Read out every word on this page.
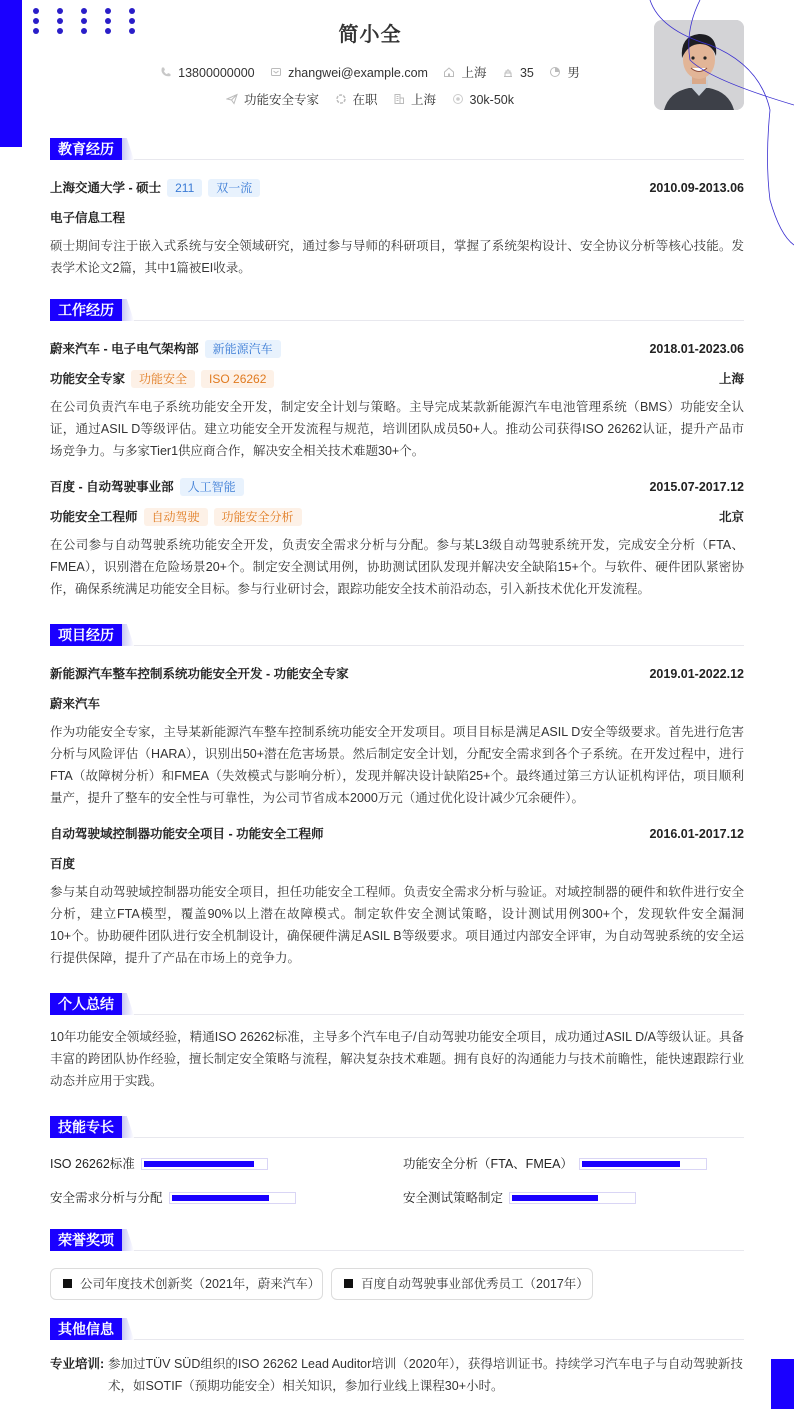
简小全
13800000000	zhangwei@example.com	上海	35	男
功能安全专家	在职	上海	30k-50k
教育经历
上海交通大学 - 硕士 211 双一流	2010.09-2013.06
电子信息工程
硕士期间专注于嵌入式系统与安全领域研究，通过参与导师的科研项目，掌握了系统架构设计、安全协议分析等核心技能。发表学术论文2篇，其中1篇被EI收录。
工作经历
蔚来汽车 - 电子电气架构部 新能源汽车	2018.01-2023.06
功能安全专家 功能安全 ISO 26262	上海
在公司负责汽车电子系统功能安全开发，制定安全计划与策略。主导完成某款新能源汽车电池管理系统（BMS）功能安全认证，通过ASIL D等级评估。建立功能安全开发流程与规范，培训团队成员50+人。推动公司获得ISO 26262认证，提升产品市场竞争力。与多家Tier1供应商合作，解决安全相关技术难题30+个。
百度 - 自动驾驶事业部 人工智能	2015.07-2017.12
功能安全工程师 自动驾驶 功能安全分析	北京
在公司参与自动驾驶系统功能安全开发，负责安全需求分析与分配。参与某L3级自动驾驶系统开发，完成安全分析（FTA、FMEA），识别潜在危险场景20+个。制定安全测试用例，协助测试团队发现并解决安全缺陷15+个。与软件、硬件团队紧密协作，确保系统满足功能安全目标。参与行业研讨会，跟踪功能安全技术前沿动态，引入新技术优化开发流程。
项目经历
新能源汽车整车控制系统功能安全开发 - 功能安全专家	2019.01-2022.12
蔚来汽车
作为功能安全专家，主导某新能源汽车整车控制系统功能安全开发项目。项目目标是满足ASIL D安全等级要求。首先进行危害分析与风险评估（HARA），识别出50+潜在危害场景。然后制定安全计划，分配安全需求到各个子系统。在开发过程中，进行FTA（故障树分析）和FMEA（失效模式与影响分析），发现并解决设计缺陷25+个。最终通过第三方认证机构评估，项目顺利量产，提升了整车的安全性与可靠性，为公司节省成本2000万元（通过优化设计减少冗余硬件）。
自动驾驶域控制器功能安全项目 - 功能安全工程师	2016.01-2017.12
百度
参与某自动驾驶域控制器功能安全项目，担任功能安全工程师。负责安全需求分析与验证。对域控制器的硬件和软件进行安全分析，建立FTA模型，覆盖90%以上潜在故障模式。制定软件安全测试策略，设计测试用例300+个，发现软件安全漏洞10+个。协助硬件团队进行安全机制设计，确保硬件满足ASIL B等级要求。项目通过内部安全评审，为自动驾驶系统的安全运行提供保障，提升了产品在市场上的竞争力。
个人总结
10年功能安全领域经验，精通ISO 26262标准，主导多个汽车电子/自动驾驶功能安全项目，成功通过ASIL D/A等级认证。具备丰富的跨团队协作经验，擅长制定安全策略与流程，解决复杂技术难题。拥有良好的沟通能力与技术前瞻性，能快速跟踪行业动态并应用于实践。
技能专长
ISO 26262标准	功能安全分析（FTA、FMEA）
安全需求分析与分配	安全测试策略制定
荣誉奖项
公司年度技术创新奖（2021年，蔚来汽车）	百度自动驾驶事业部优秀员工（2017年）
其他信息
专业培训: 参加过TÜV SÜD组织的ISO 26262 Lead Auditor培训（2020年），获得培训证书。持续学习汽车电子与自动驾驶新技术，如SOTIF（预期功能安全）相关知识，参加行业线上课程30+小时。
